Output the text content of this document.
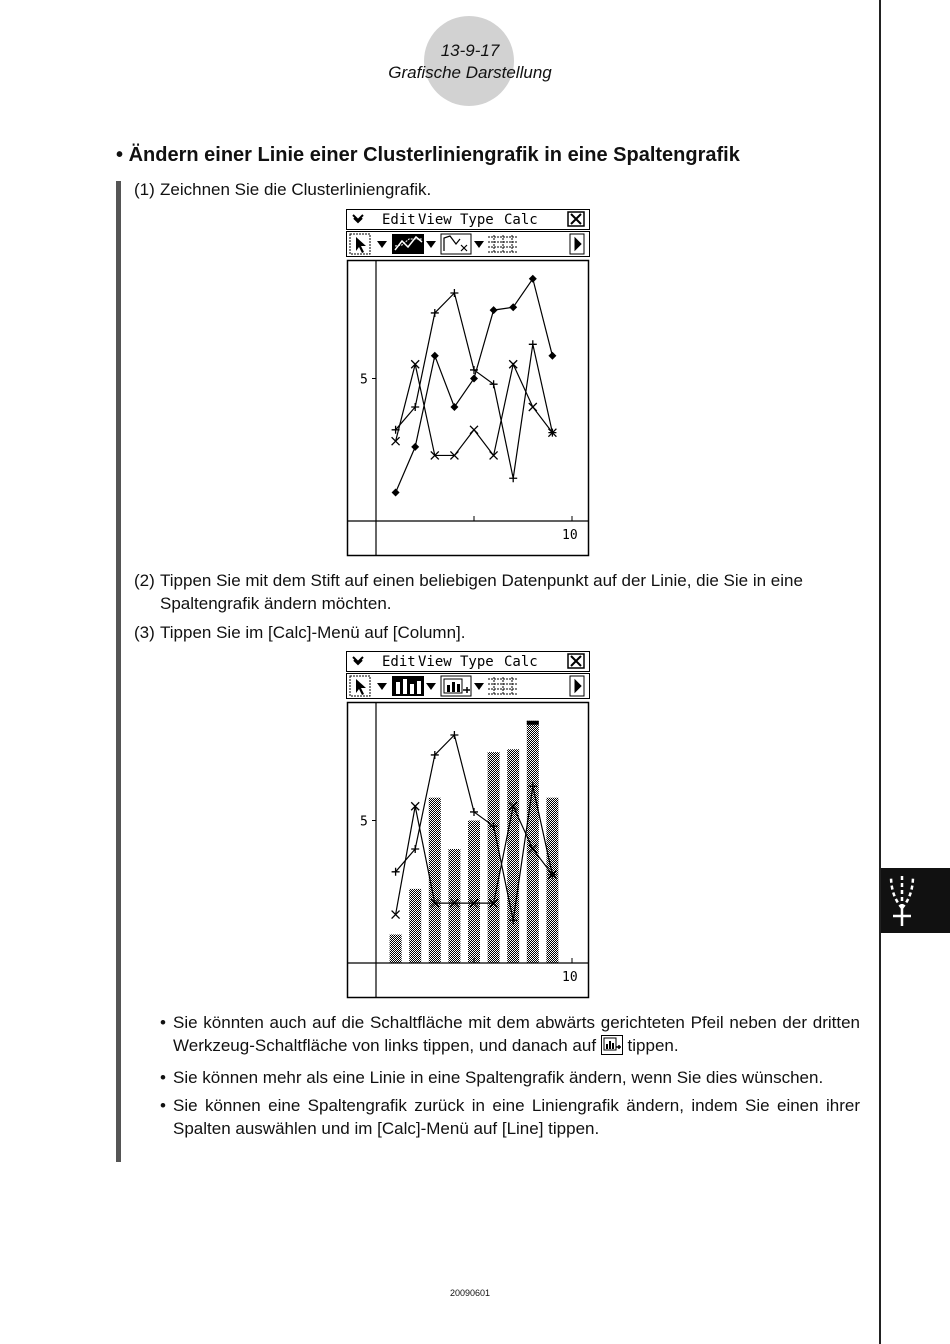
13-9-17
Grafische Darstellung
• Ändern einer Linie einer Clusterliniengrafik in eine Spaltengrafik
(1) Zeichnen Sie die Clusterliniengrafik.
Edit View Type Calc
5
10
(2) Tippen Sie mit dem Stift auf einen beliebigen Datenpunkt auf der Linie, die Sie in eine
Spaltengrafik ändern möchten.
(3) Tippen Sie im [Calc]-Menü auf [Column].
Edit View Type Calc
5
10
• Sie könnten auch auf die Schaltfläche mit dem abwärts gerichteten Pfeil neben der dritten Werkzeug-Schaltfläche von links tippen, und danach auf tippen.
• Sie können mehr als eine Linie in eine Spaltengrafik ändern, wenn Sie dies wünschen.
• Sie können eine Spaltengrafik zurück in eine Liniengrafik ändern, indem Sie einen ihrer Spalten auswählen und im [Calc]-Menü auf [Line] tippen.
20090601
